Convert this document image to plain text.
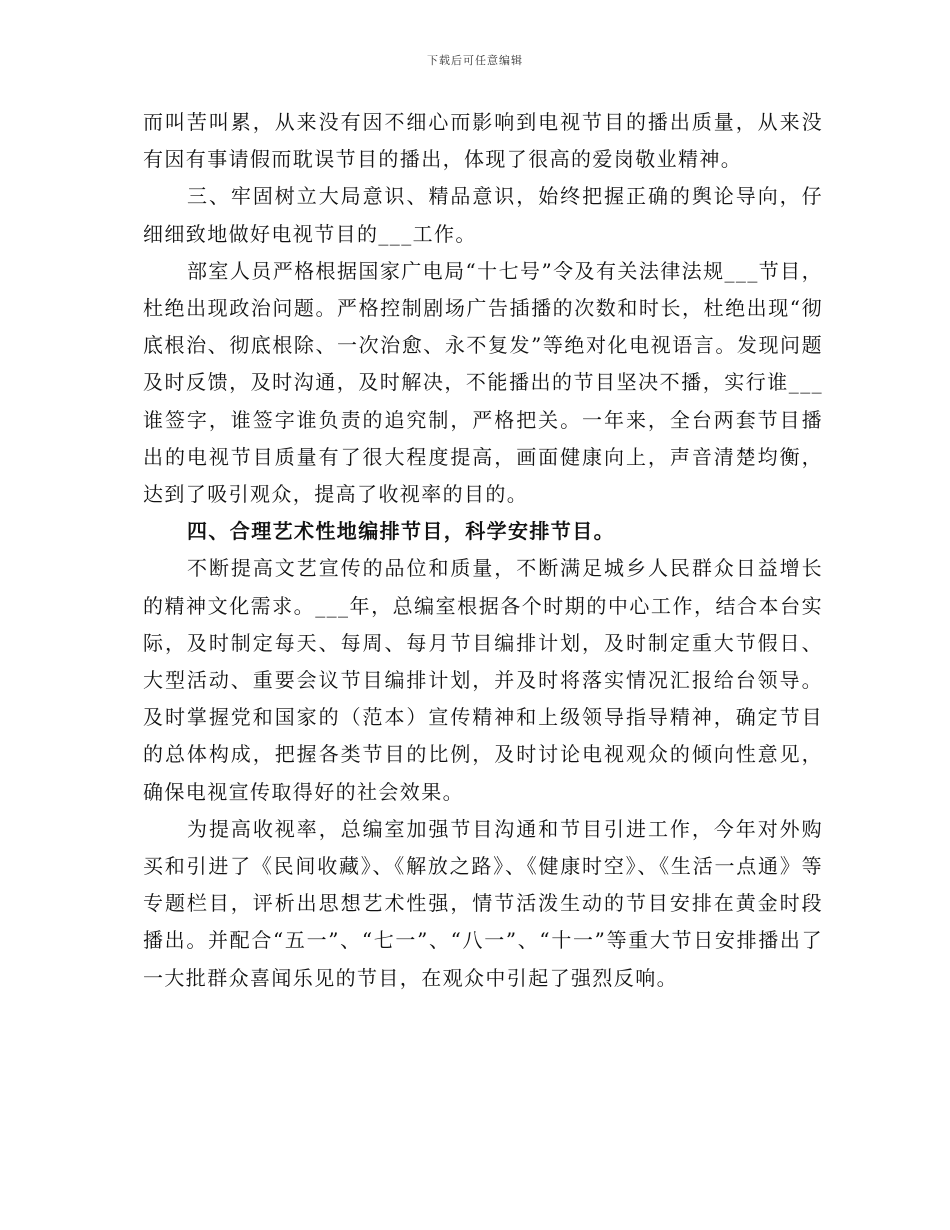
下载后可任意编辑

而叫苦叫累，从来没有因不细心而影响到电视节目的播出质量，从来没有因有事请假而耽误节目的播出，体现了很高的爱岗敬业精神。

三、牢固树立大局意识、精品意识，始终把握正确的舆论导向，仔细细致地做好电视节目的___工作。

部室人员严格根据国家广电局“十七号”令及有关法律法规___节目，杜绝出现政治问题。严格控制剧场广告插播的次数和时长，杜绝出现“彻底根治、彻底根除、一次治愈、永不复发”等绝对化电视语言。发现问题及时反馈，及时沟通，及时解决，不能播出的节目坚决不播，实行谁___谁签字，谁签字谁负责的追究制，严格把关。一年来，全台两套节目播出的电视节目质量有了很大程度提高，画面健康向上，声音清楚均衡，达到了吸引观众，提高了收视率的目的。

四、合理艺术性地编排节目，科学安排节目。

不断提高文艺宣传的品位和质量，不断满足城乡人民群众日益增长的精神文化需求。___年，总编室根据各个时期的中心工作，结合本台实际，及时制定每天、每周、每月节目编排计划，及时制定重大节假日、大型活动、重要会议节目编排计划，并及时将落实情况汇报给台领导。及时掌握党和国家的（范本）宣传精神和上级领导指导精神，确定节目的总体构成，把握各类节目的比例，及时讨论电视观众的倾向性意见，确保电视宣传取得好的社会效果。

为提高收视率，总编室加强节目沟通和节目引进工作，今年对外购买和引进了《民间收藏》、《解放之路》、《健康时空》、《生活一点通》等专题栏目，评析出思想艺术性强，情节活泼生动的节目安排在黄金时段播出。并配合“五一”、“七一”、“八一”、“十一”等重大节日安排播出了一大批群众喜闻乐见的节目，在观众中引起了强烈反响。
